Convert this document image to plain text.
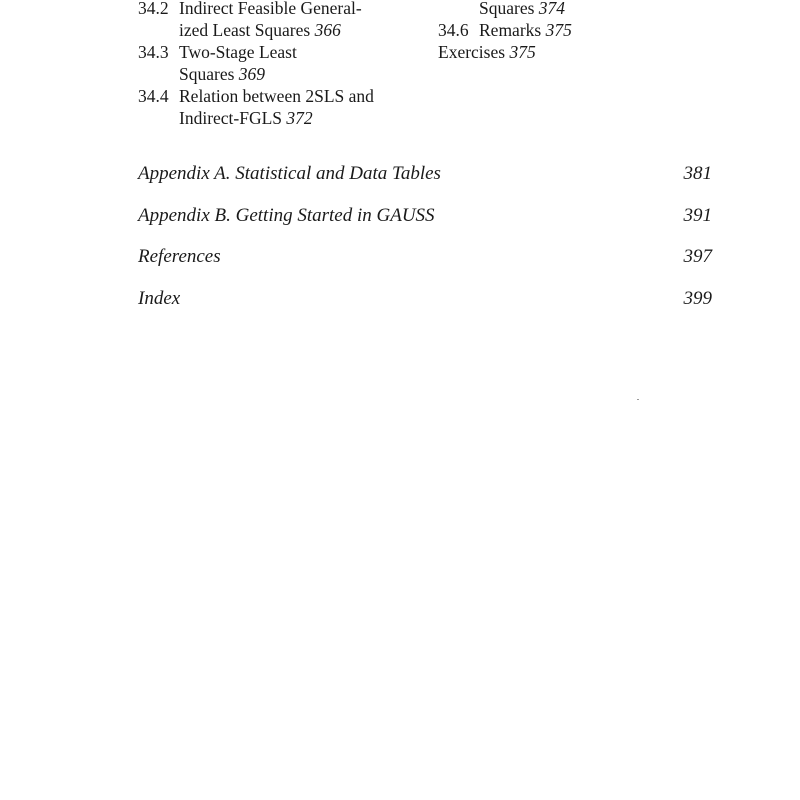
34.2 Indirect Feasible General-
ized Least Squares 366
34.3 Two-Stage Least
Squares 369
34.4 Relation between 2SLS and
Indirect-FGLS 372
Squares 374
34.6 Remarks 375
Exercises 375
Appendix A. Statistical and Data Tables	381
Appendix B. Getting Started in GAUSS	391
References	397
Index	399
